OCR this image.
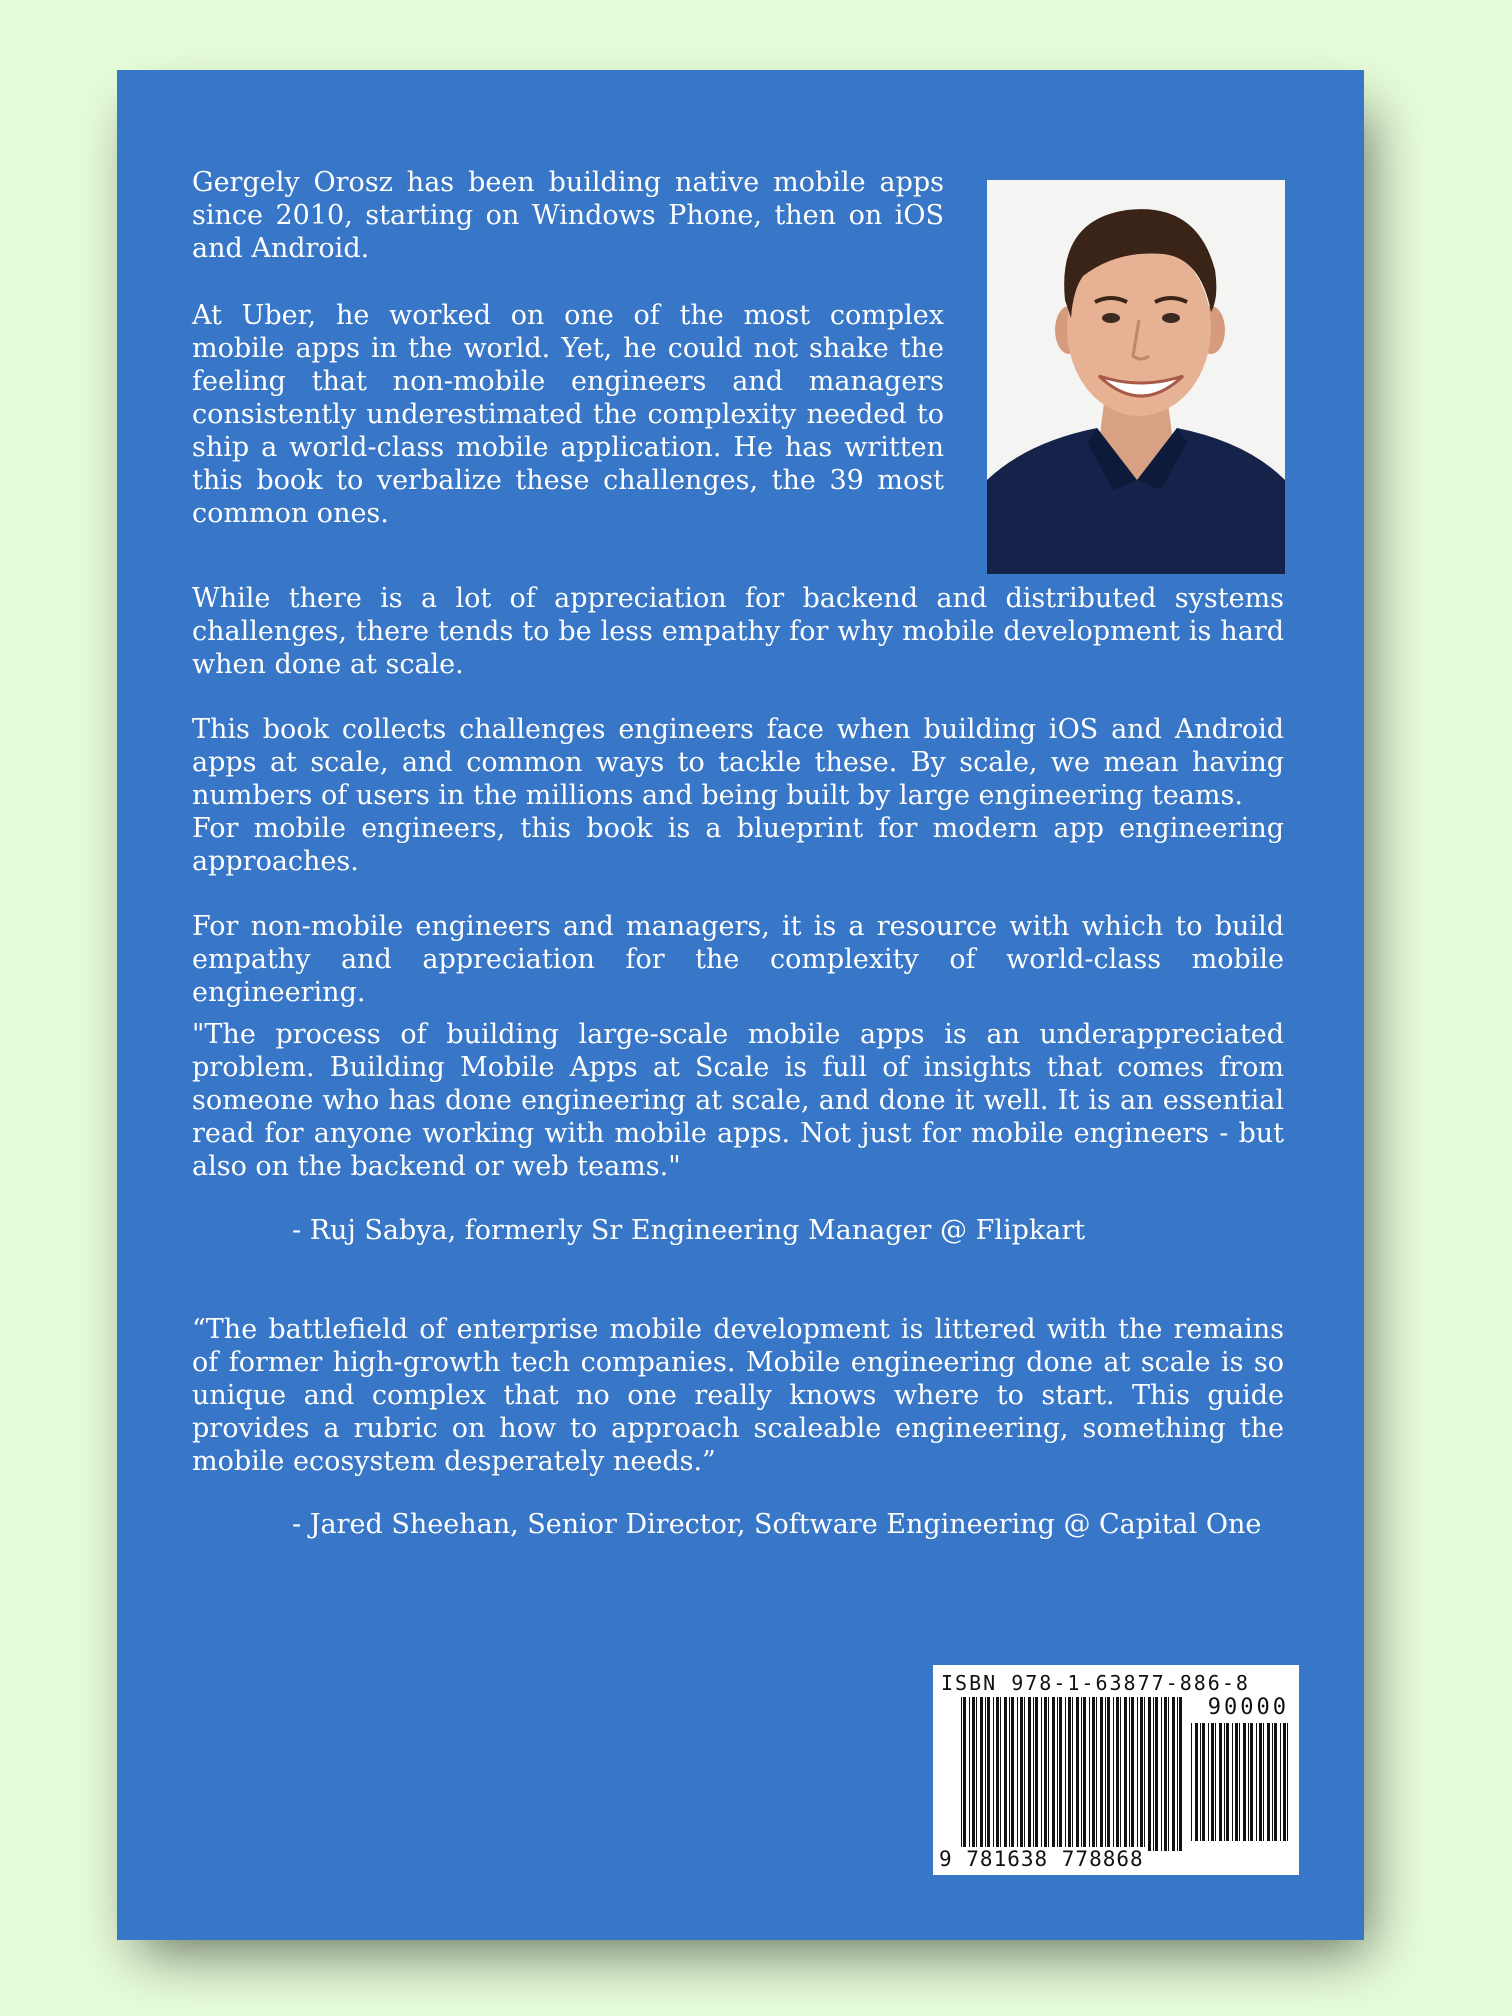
Gergely Orosz has been building native mobile apps since 2010, starting on Windows Phone, then on iOS and Android.

At Uber, he worked on one of the most complex mobile apps in the world. Yet, he could not shake the feeling that non-mobile engineers and managers consistently underestimated the complexity needed to ship a world-class mobile application. He has written this book to verbalize these challenges, the 39 most common ones.

While there is a lot of appreciation for backend and distributed systems challenges, there tends to be less empathy for why mobile development is hard when done at scale.

This book collects challenges engineers face when building iOS and Android apps at scale, and common ways to tackle these. By scale, we mean having numbers of users in the millions and being built by large engineering teams.

For mobile engineers, this book is a blueprint for modern app engineering approaches.

For non-mobile engineers and managers, it is a resource with which to build empathy and appreciation for the complexity of world-class mobile engineering.

"The process of building large-scale mobile apps is an underappreciated problem. Building Mobile Apps at Scale is full of insights that comes from someone who has done engineering at scale, and done it well. It is an essential read for anyone working with mobile apps. Not just for mobile engineers - but also on the backend or web teams."

- Ruj Sabya, formerly Sr Engineering Manager @ Flipkart

“The battlefield of enterprise mobile development is littered with the remains of former high-growth tech companies. Mobile engineering done at scale is so unique and complex that no one really knows where to start. This guide provides a rubric on how to approach scaleable engineering, something the mobile ecosystem desperately needs.”

- Jared Sheehan, Senior Director, Software Engineering @ Capital One
ISBN 978-1-63877-886-8
90000
9 781638 778868
